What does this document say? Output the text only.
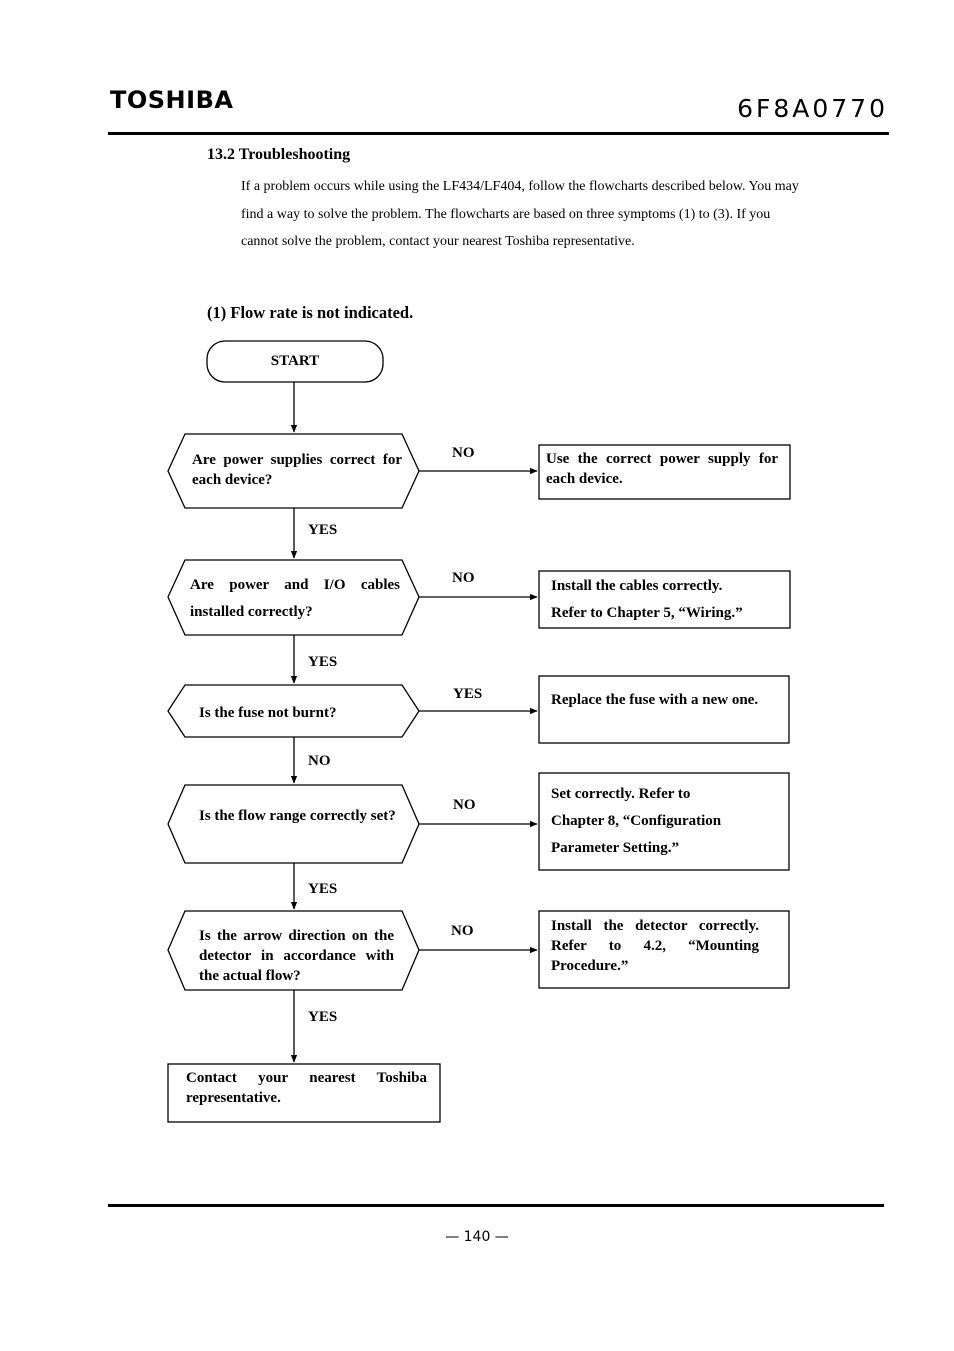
TOSHIBA	6F8A0770
13.2 Troubleshooting
If a problem occurs while using the LF434/LF404, follow the flowcharts described below. You may find a way to solve the problem. The flowcharts are based on three symptoms (1) to (3). If you cannot solve the problem, contact your nearest Toshiba representative.
(1) Flow rate is not indicated.
START
Are power supplies correct for each device?
Are power and I/O cables installed correctly?
Is the fuse not burnt?
Is the flow range correctly set?
Is the arrow direction on the detector in accordance with the actual flow?
Use the correct power supply for each device.
Install the cables correctly.
Refer to Chapter 5, “Wiring.”
Replace the fuse with a new one.
Set correctly. Refer to
Chapter 8, “Configuration
Parameter Setting.”
Install the detector correctly. Refer to 4.2, “Mounting Procedure.”
Contact your nearest Toshiba representative.
NO
YES
NO
YES
YES
NO
NO
YES
NO
YES
— 140 —
